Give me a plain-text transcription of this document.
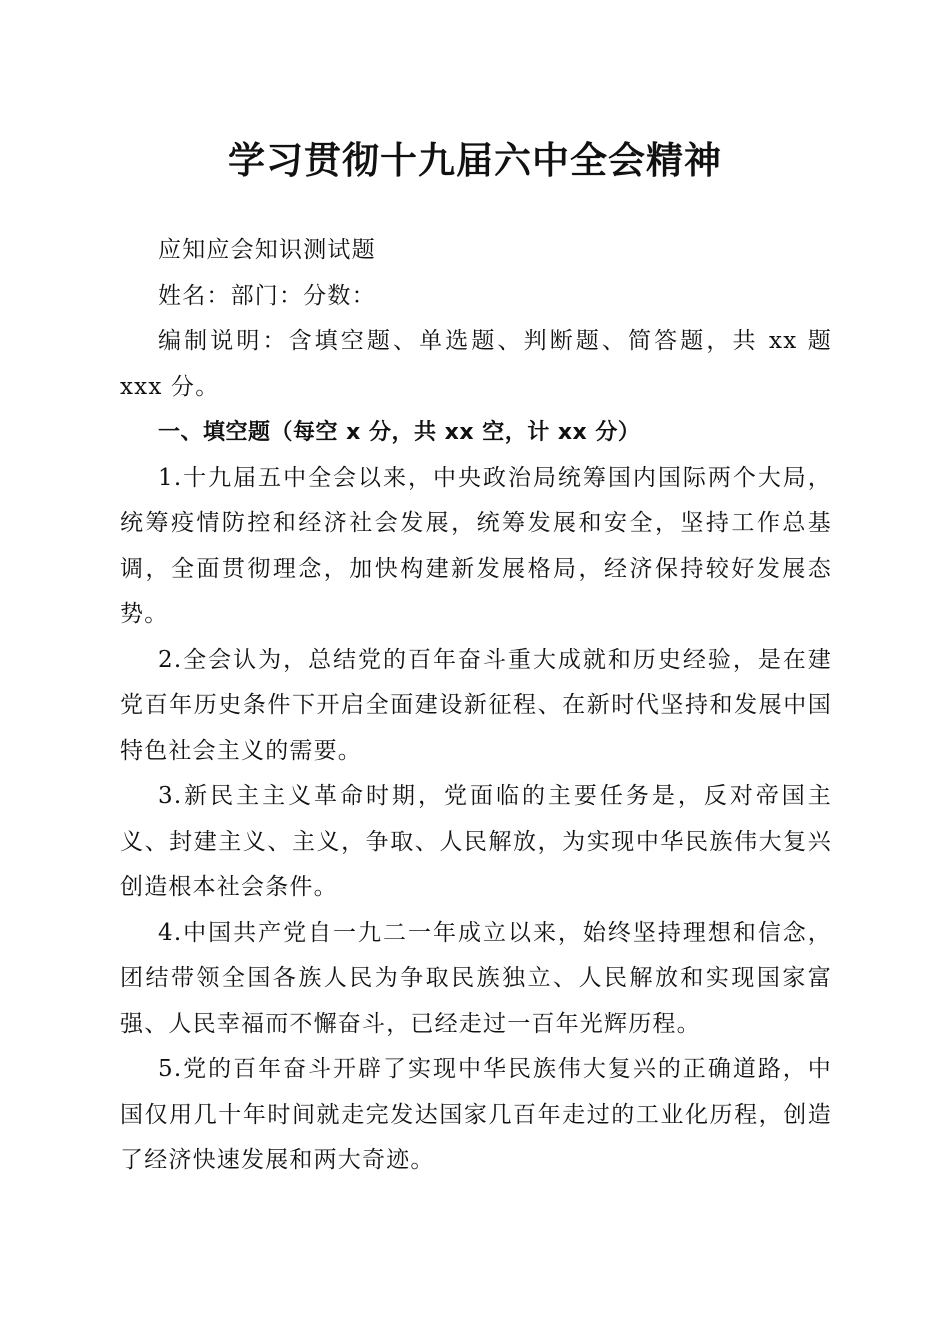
学习贯彻十九届六中全会精神

应知应会知识测试题

姓名：部门：分数：

编制说明：含填空题、单选题、判断题、简答题，共 xx 题 xxx 分。

一、填空题（每空 x 分，共 xx 空，计 xx 分）

1.十九届五中全会以来，中央政治局统筹国内国际两个大局，统筹疫情防控和经济社会发展，统筹发展和安全，坚持工作总基调，全面贯彻理念，加快构建新发展格局，经济保持较好发展态势。

2.全会认为，总结党的百年奋斗重大成就和历史经验，是在建党百年历史条件下开启全面建设新征程、在新时代坚持和发展中国特色社会主义的需要。

3.新民主主义革命时期，党面临的主要任务是，反对帝国主义、封建主义、主义，争取、人民解放，为实现中华民族伟大复兴创造根本社会条件。

4.中国共产党自一九二一年成立以来，始终坚持理想和信念，团结带领全国各族人民为争取民族独立、人民解放和实现国家富强、人民幸福而不懈奋斗，已经走过一百年光辉历程。

5.党的百年奋斗开辟了实现中华民族伟大复兴的正确道路，中国仅用几十年时间就走完发达国家几百年走过的工业化历程，创造了经济快速发展和两大奇迹。
